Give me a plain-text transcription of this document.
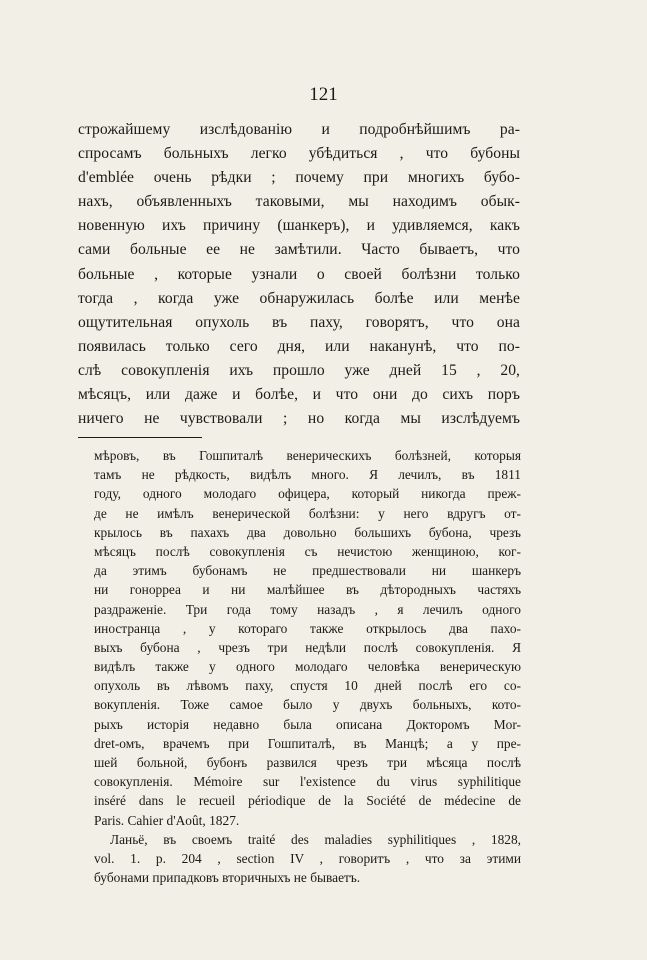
121
строжайшему изслѣдованію и подробнѣйшимъ ра-
спросамъ больныхъ легко убѣдиться , что бубоны
d'emblée очень рѣдки ; почему при многихъ бубо-
нахъ, объявленныхъ таковыми, мы находимъ обык-
новенную ихъ причину (шанкеръ), и удивляемся, какъ
сами больные ее не замѣтили. Часто бываетъ, что
больные , которые узнали о своей болѣзни только
тогда , когда уже обнаружилась болѣе или менѣе
ощутительная опухоль въ паху, говорятъ, что она
появилась только сего дня, или наканунѣ, что по-
слѣ совокупленія ихъ прошло уже дней 15 , 20,
мѣсяцъ, или даже и болѣе, и что они до сихъ поръ
ничего не чувствовали ; но когда мы изслѣдуемъ
мѣровъ, въ Гошпиталѣ венерическихъ болѣзней, которыя
тамъ не рѣдкость, видѣлъ много. Я лечилъ, въ 1811
году, одного молодаго офицера, который никогда преж-
де не имѣлъ венерической болѣзни: у него вдругъ от-
крылось въ пахахъ два довольно большихъ бубона, чрезъ
мѣсяцъ послѣ совокупленія съ нечистою женщиною, ког-
да этимъ бубонамъ не предшествовали ни шанкеръ
ни гонорреа и ни малѣйшее въ дѣтородныхъ частяхъ
раздраженіе. Три года тому назадъ , я лечилъ одного
иностранца , у котораго также открылось два пахо-
выхъ бубона , чрезъ три недѣли послѣ совокупленія. Я
видѣлъ также у одного молодаго человѣка венерическую
опухоль въ лѣвомъ паху, спустя 10 дней послѣ его со-
вокупленія. Тоже самое было у двухъ больныхъ, кото-
рыхъ исторія недавно была описана Докторомъ Mor-
dret-омъ, врачемъ при Гошпиталѣ, въ Манцѣ; а у пре-
шей больной, бубонъ развился чрезъ три мѣсяца послѣ
совокупленія. Mémoire sur l'existence du virus syphilitique
inséré dans le recueil périodique de la Société de médecine de
Paris. Cahier d'Août, 1827.
Ланьё, въ своемъ traité des maladies syphilitiques , 1828,
vol. 1. p. 204 , section IV , говоритъ , что за этими
бубонами припадковъ вторичныхъ не бываетъ.
